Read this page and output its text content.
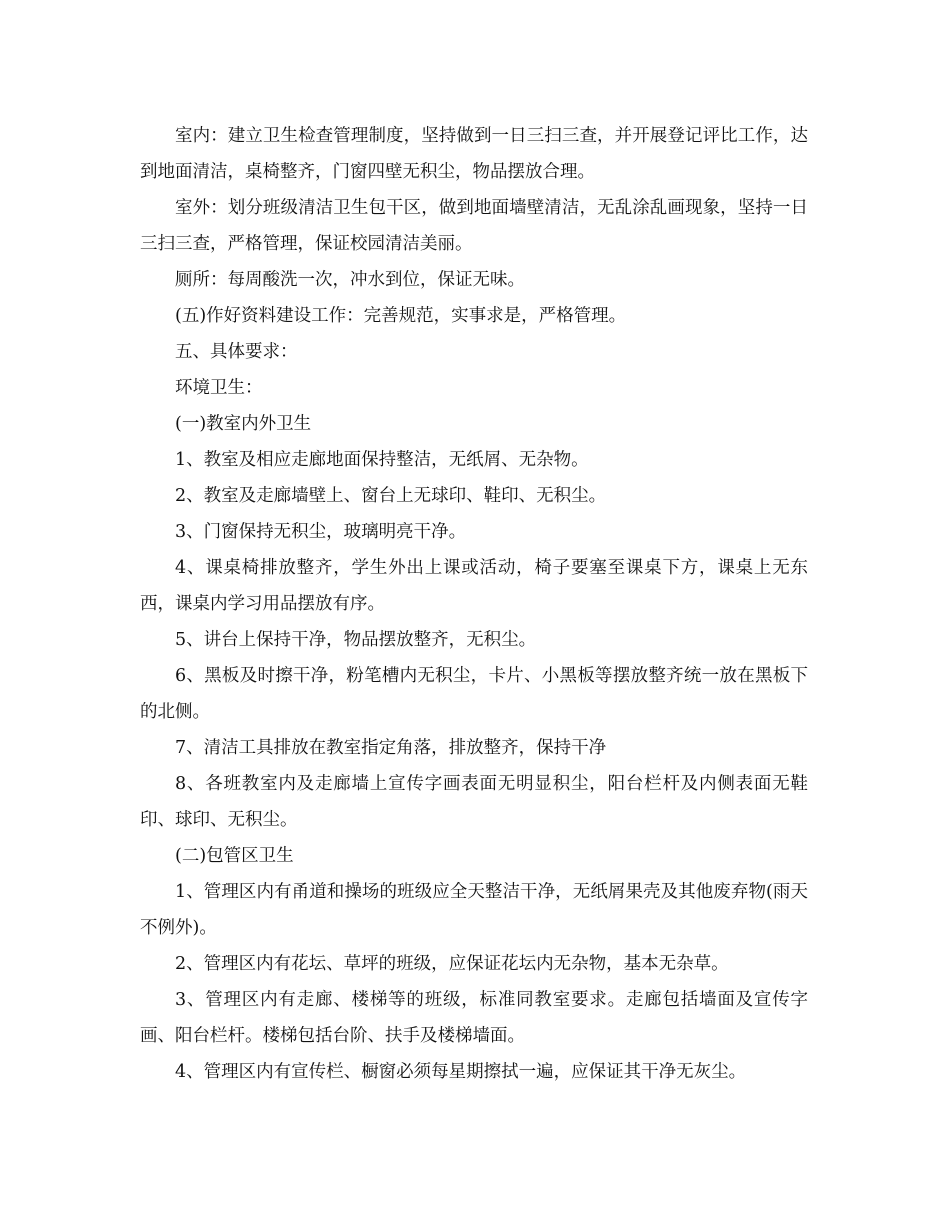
室内：建立卫生检查管理制度，坚持做到一日三扫三查，并开展登记评比工作，达到地面清洁，桌椅整齐，门窗四壁无积尘，物品摆放合理。

室外：划分班级清洁卫生包干区，做到地面墙壁清洁，无乱涂乱画现象，坚持一日三扫三查，严格管理，保证校园清洁美丽。

厕所：每周酸洗一次，冲水到位，保证无味。

(五)作好资料建设工作：完善规范，实事求是，严格管理。

五、具体要求：

环境卫生：

(一)教室内外卫生

1、教室及相应走廊地面保持整洁，无纸屑、无杂物。

2、教室及走廊墙壁上、窗台上无球印、鞋印、无积尘。

3、门窗保持无积尘，玻璃明亮干净。

4、课桌椅排放整齐，学生外出上课或活动，椅子要塞至课桌下方，课桌上无东西，课桌内学习用品摆放有序。

5、讲台上保持干净，物品摆放整齐，无积尘。

6、黑板及时擦干净，粉笔槽内无积尘，卡片、小黑板等摆放整齐统一放在黑板下的北侧。

7、清洁工具排放在教室指定角落，排放整齐，保持干净

8、各班教室内及走廊墙上宣传字画表面无明显积尘，阳台栏杆及内侧表面无鞋印、球印、无积尘。

(二)包管区卫生

1、管理区内有甬道和操场的班级应全天整洁干净，无纸屑果壳及其他废弃物(雨天不例外)。

2、管理区内有花坛、草坪的班级，应保证花坛内无杂物，基本无杂草。

3、管理区内有走廊、楼梯等的班级，标准同教室要求。走廊包括墙面及宣传字画、阳台栏杆。楼梯包括台阶、扶手及楼梯墙面。

4、管理区内有宣传栏、橱窗必须每星期擦拭一遍，应保证其干净无灰尘。
